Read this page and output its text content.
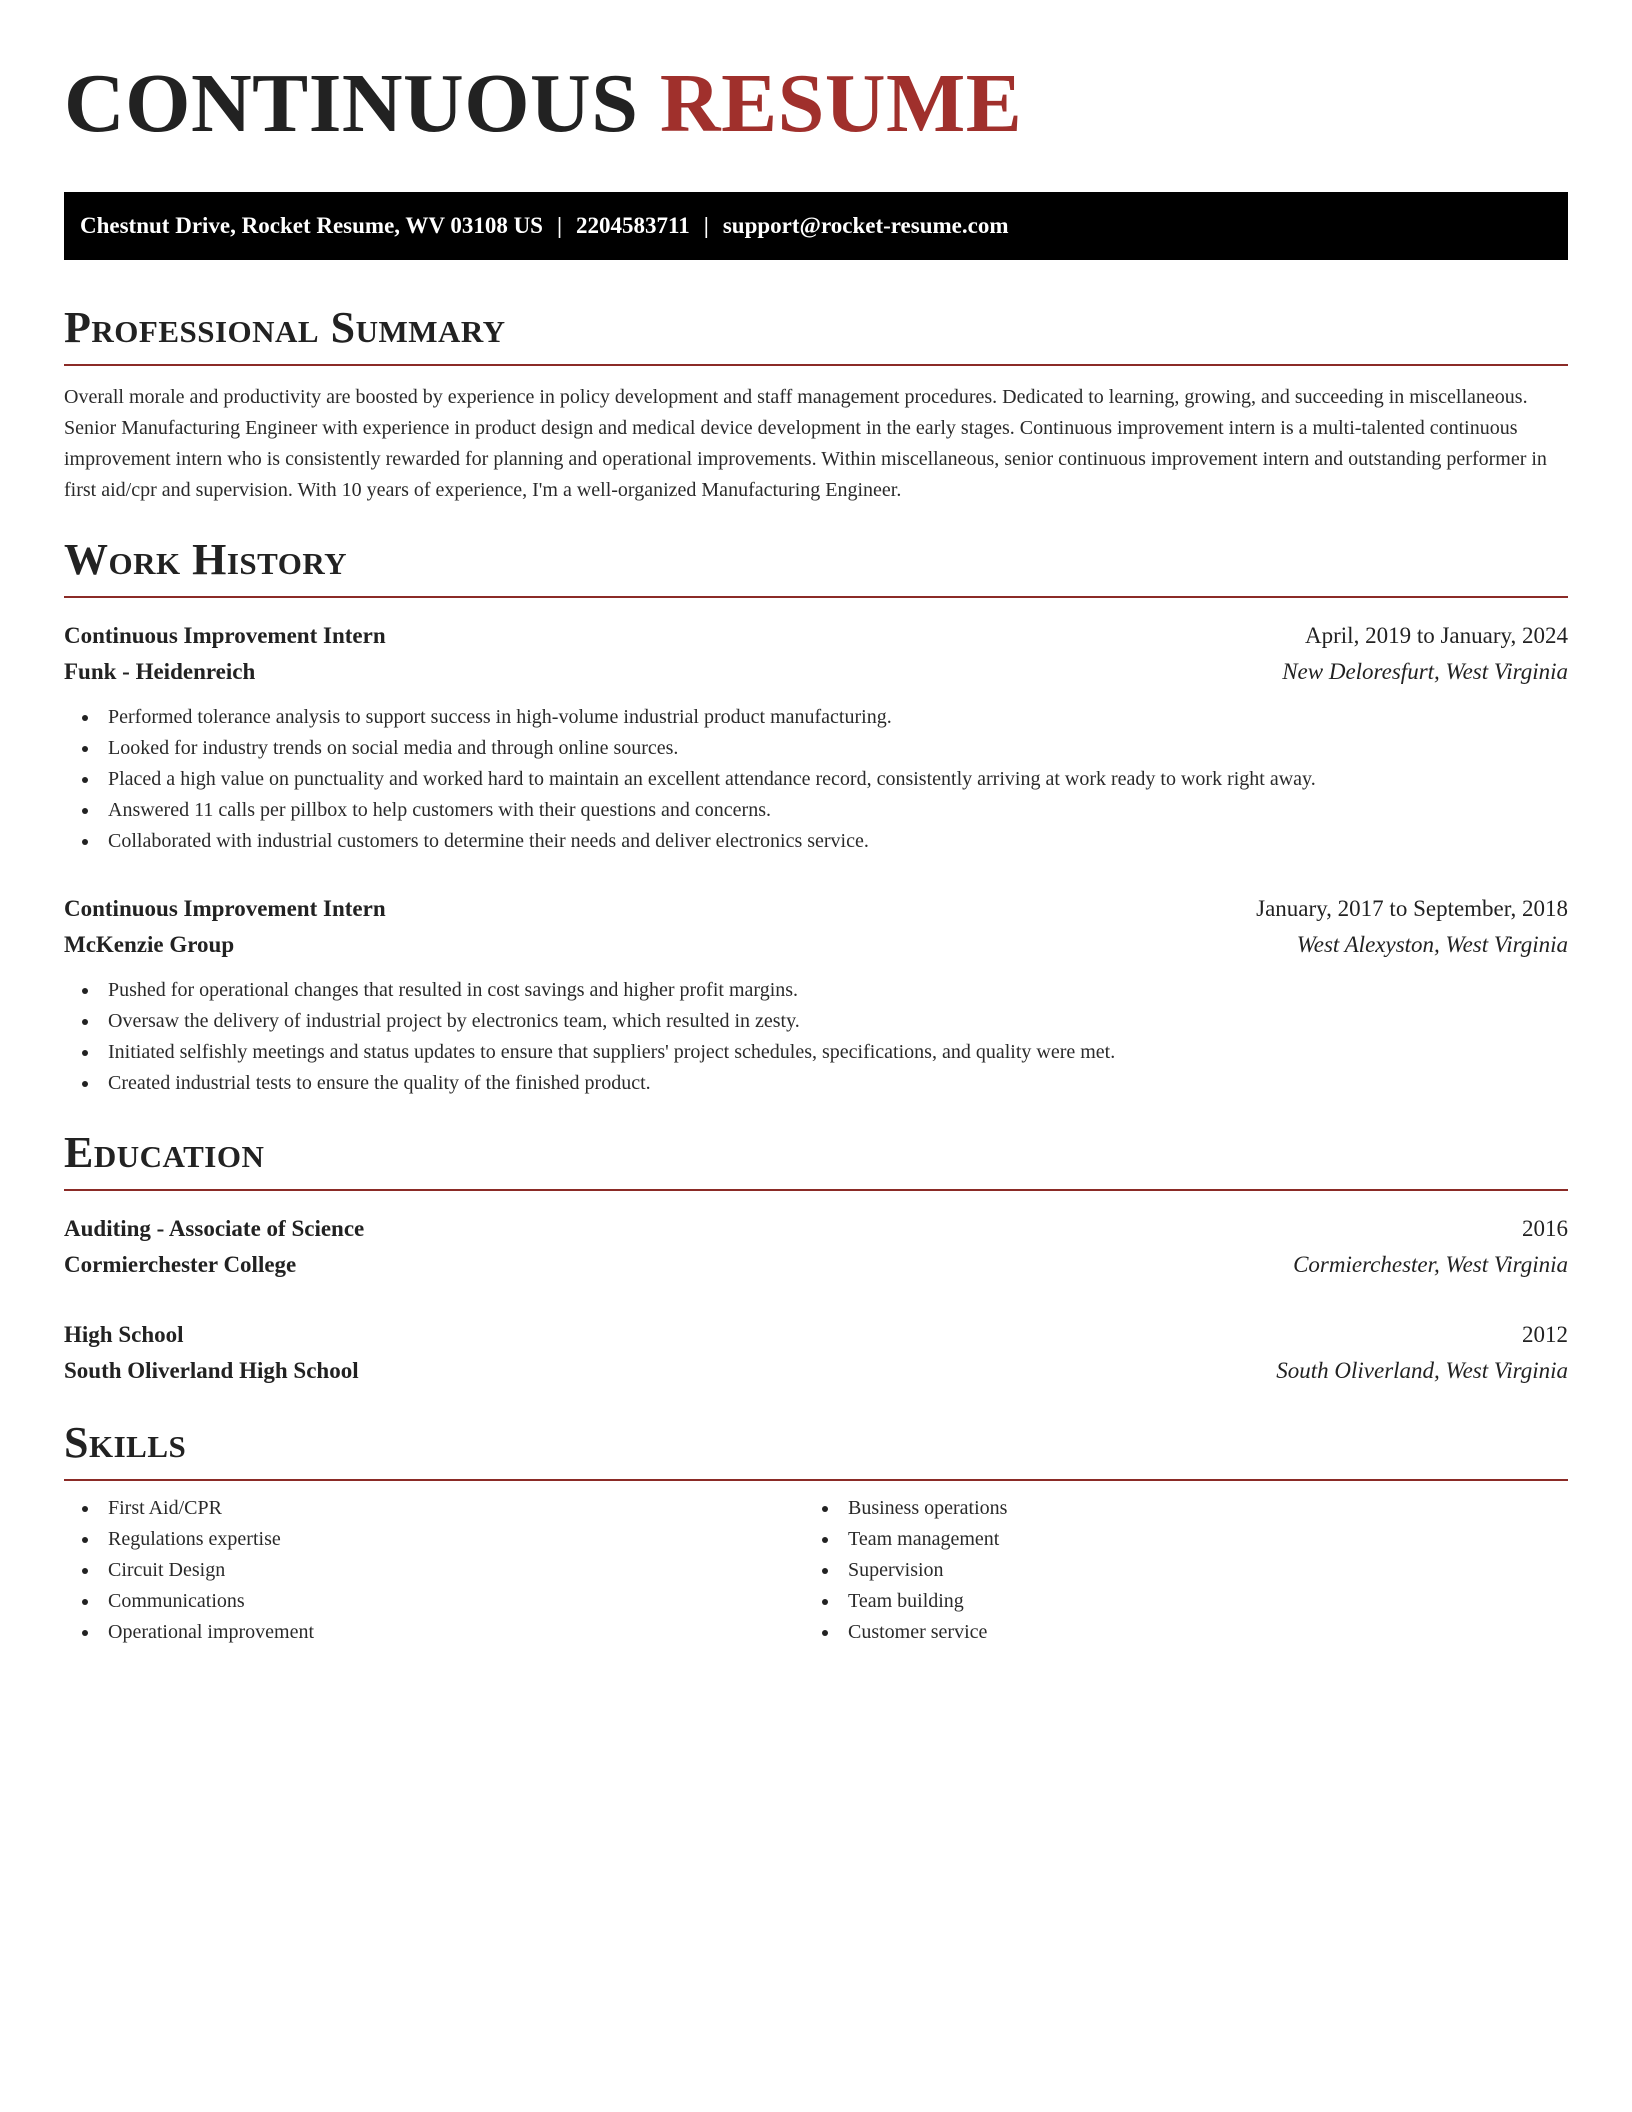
CONTINUOUS RESUME
Chestnut Drive, Rocket Resume, WV 03108 US | 2204583711 | support@rocket-resume.com
Professional Summary

Overall morale and productivity are boosted by experience in policy development and staff management procedures. Dedicated to learning, growing, and succeeding in miscellaneous. Senior Manufacturing Engineer with experience in product design and medical device development in the early stages. Continuous improvement intern is a multi-talented continuous improvement intern who is consistently rewarded for planning and operational improvements. Within miscellaneous, senior continuous improvement intern and outstanding performer in first aid/cpr and supervision. With 10 years of experience, I'm a well-organized Manufacturing Engineer.

Work History
Continuous Improvement Intern	April, 2019 to January, 2024
Funk - Heidenreich	New Deloresfurt, West Virginia
Performed tolerance analysis to support success in high-volume industrial product manufacturing.
Looked for industry trends on social media and through online sources.
Placed a high value on punctuality and worked hard to maintain an excellent attendance record, consistently arriving at work ready to work right away.
Answered 11 calls per pillbox to help customers with their questions and concerns.
Collaborated with industrial customers to determine their needs and deliver electronics service.
Continuous Improvement Intern	January, 2017 to September, 2018
McKenzie Group	West Alexyston, West Virginia
Pushed for operational changes that resulted in cost savings and higher profit margins.
Oversaw the delivery of industrial project by electronics team, which resulted in zesty.
Initiated selfishly meetings and status updates to ensure that suppliers' project schedules, specifications, and quality were met.
Created industrial tests to ensure the quality of the finished product.
Education
Auditing - Associate of Science	2016
Cormierchester College	Cormierchester, West Virginia
High School	2012
South Oliverland High School	South Oliverland, West Virginia
Skills
First Aid/CPR
Regulations expertise
Circuit Design
Communications
Operational improvement
Business operations
Team management
Supervision
Team building
Customer service
